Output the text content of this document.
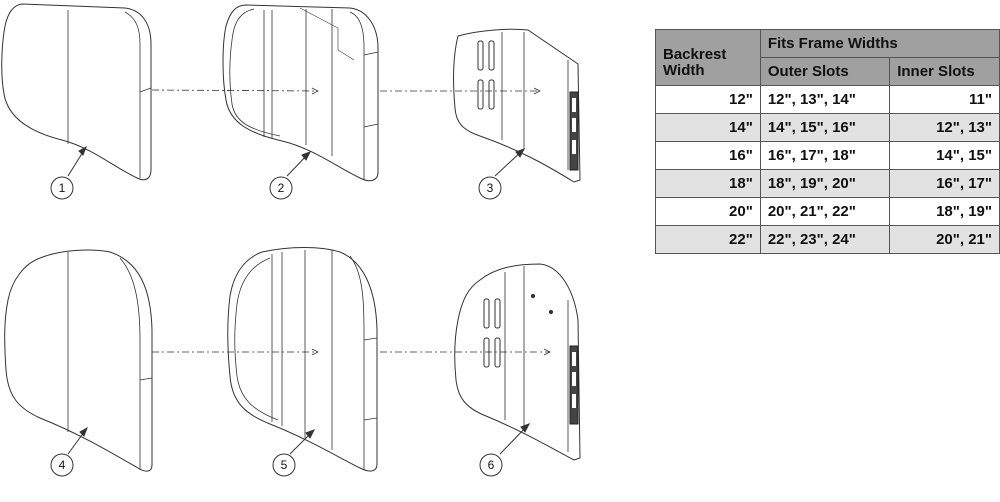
1	2	3
4	5	6
Backrest Width	Fits Frame Widths	
	Outer Slots	Inner Slots
12"	12", 13", 14"	11"
14"	14", 15", 16"	12", 13"
16"	16", 17", 18"	14", 15"
18"	18", 19", 20"	16", 17"
20"	20", 21", 22"	18", 19"
22"	22", 23", 24"	20", 21"
